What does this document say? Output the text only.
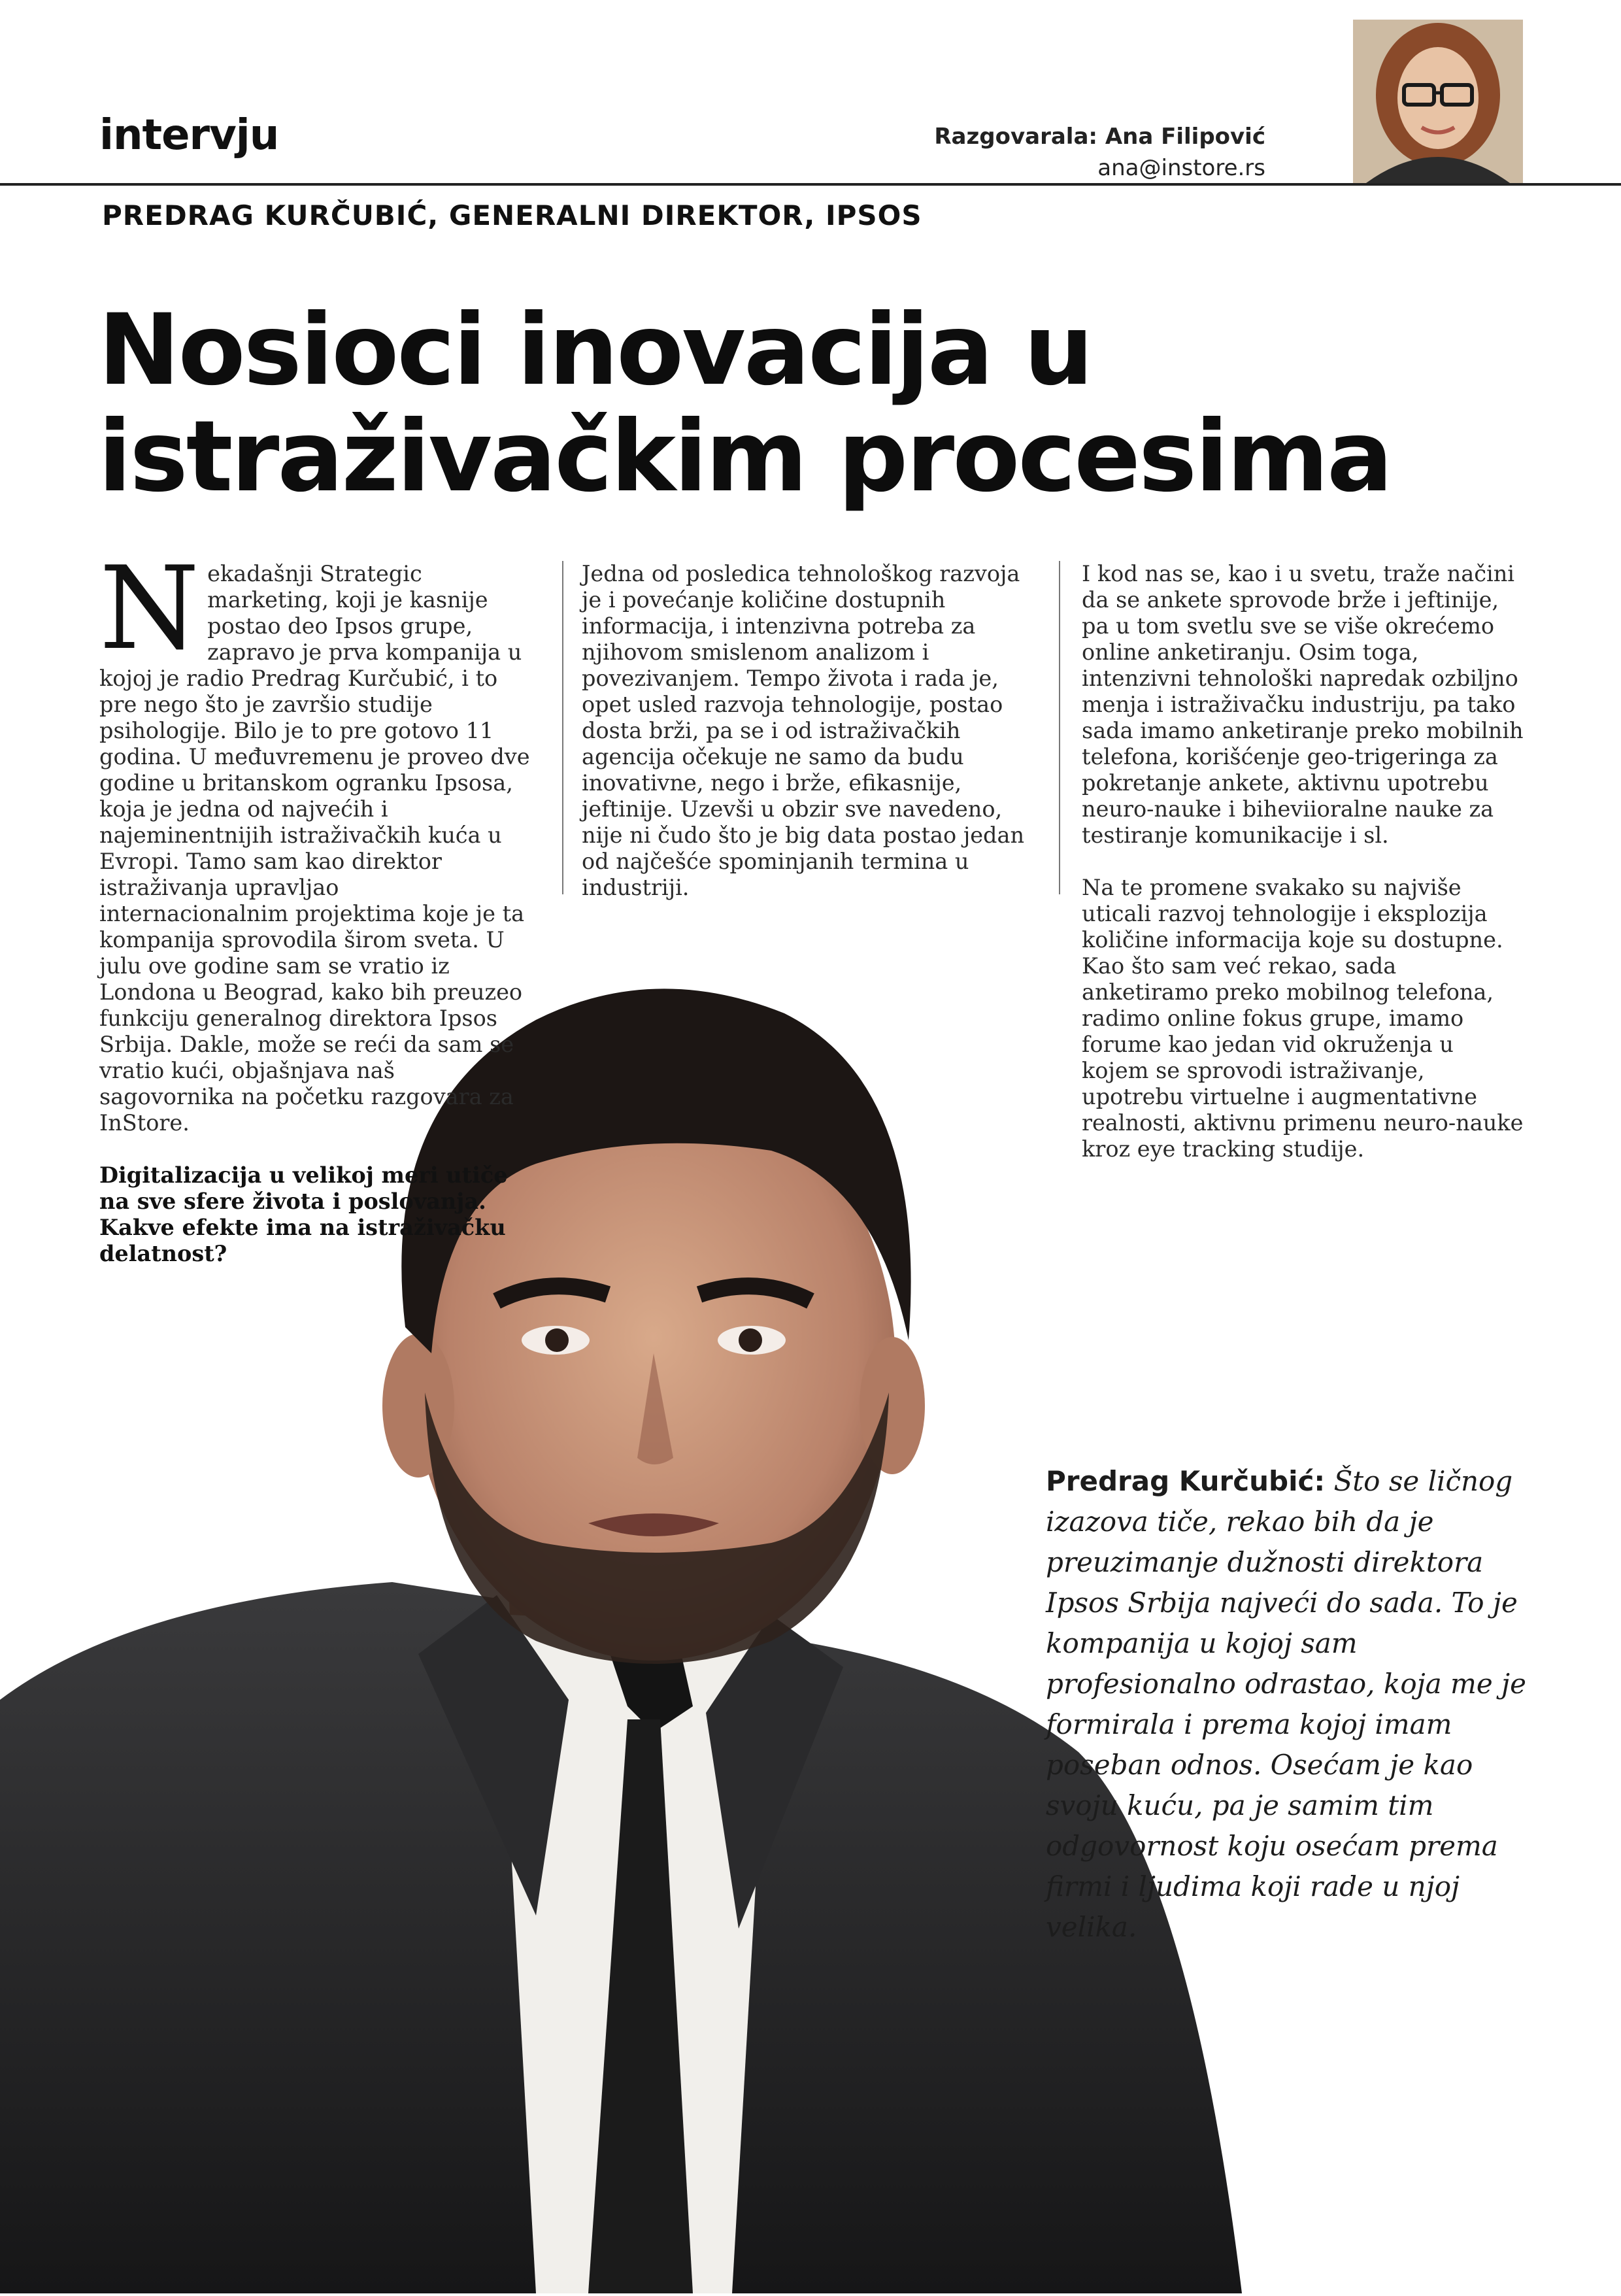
intervju	Razgovarala: Ana Filipović
ana@instore.rs
PREDRAG KURČUBIĆ, GENERALNI DIREKTOR, IPSOS
Nosioci inovacija u
istraživačkim procesima

Nekadašnji Strategic marketing, koji je kasnije postao deo Ipsos grupe, zapravo je prva kompanija u kojoj je radio Predrag Kurčubić, i to pre nego što je završio studije psihologije. Bilo je to pre gotovo 11 godina. U međuvremenu je proveo dve godine u britanskom ogranku Ipsosa, koja je jedna od najvećih i najeminentnijih istraživačkih kuća u Evropi. Tamo sam kao direktor istraživanja upravljao internacionalnim projektima koje je ta kompanija sprovodila širom sveta. U julu ove godine sam se vratio iz Londona u Beograd, kako bih preuzeo funkciju generalnog direktora Ipsos Srbija. Dakle, može se reći da sam se vratio kući, objašnjava naš sagovornika na početku razgovara za InStore.

Digitalizacija u velikoj meri utiče na sve sfere života i poslovanja. Kakve efekte ima na istraživačku delatnost?

Jedna od posledica tehnološkog razvoja je i povećanje količine dostupnih informacija, i intenzivna potreba za njihovom smislenom analizom i povezivanjem. Tempo života i rada je, opet usled razvoja tehnologije, postao dosta brži, pa se i od istraživačkih agencija očekuje ne samo da budu inovativne, nego i brže, efikasnije, jeftinije. Uzevši u obzir sve navedeno, nije ni čudo što je big data postao jedan od najčešće spominjanih termina u industriji.

I kod nas se, kao i u svetu, traže načini da se ankete sprovode brže i jeftinije, pa u tom svetlu sve se više okrećemo online anketiranju. Osim toga, intenzivni tehnološki napredak ozbiljno menja i istraživačku industriju, pa tako sada imamo anketiranje preko mobilnih telefona, korišćenje geo-trigeringa za pokretanje ankete, aktivnu upotrebu neuro-nauke i biheviioralne nauke za testiranje komunikacije i sl.

Na te promene svakako su najviše uticali razvoj tehnologije i eksplozija količine informacija koje su dostupne. Kao što sam već rekao, sada anketiramo preko mobilnog telefona, radimo online fokus grupe, imamo forume kao jedan vid okruženja u kojem se sprovodi istraživanje, upotrebu virtuelne i augmentativne realnosti, aktivnu primenu neuro-nauke kroz eye tracking studije.

Predrag Kurčubić: Što se ličnog izazova tiče, rekao bih da je preuzimanje dužnosti direktora Ipsos Srbija najveći do sada. To je kompanija u kojoj sam profesionalno odrastao, koja me je formirala i prema kojoj imam poseban odnos. Osećam je kao svoju kuću, pa je samim tim odgovornost koju osećam prema firmi i ljudima koji rade u njoj velika.
